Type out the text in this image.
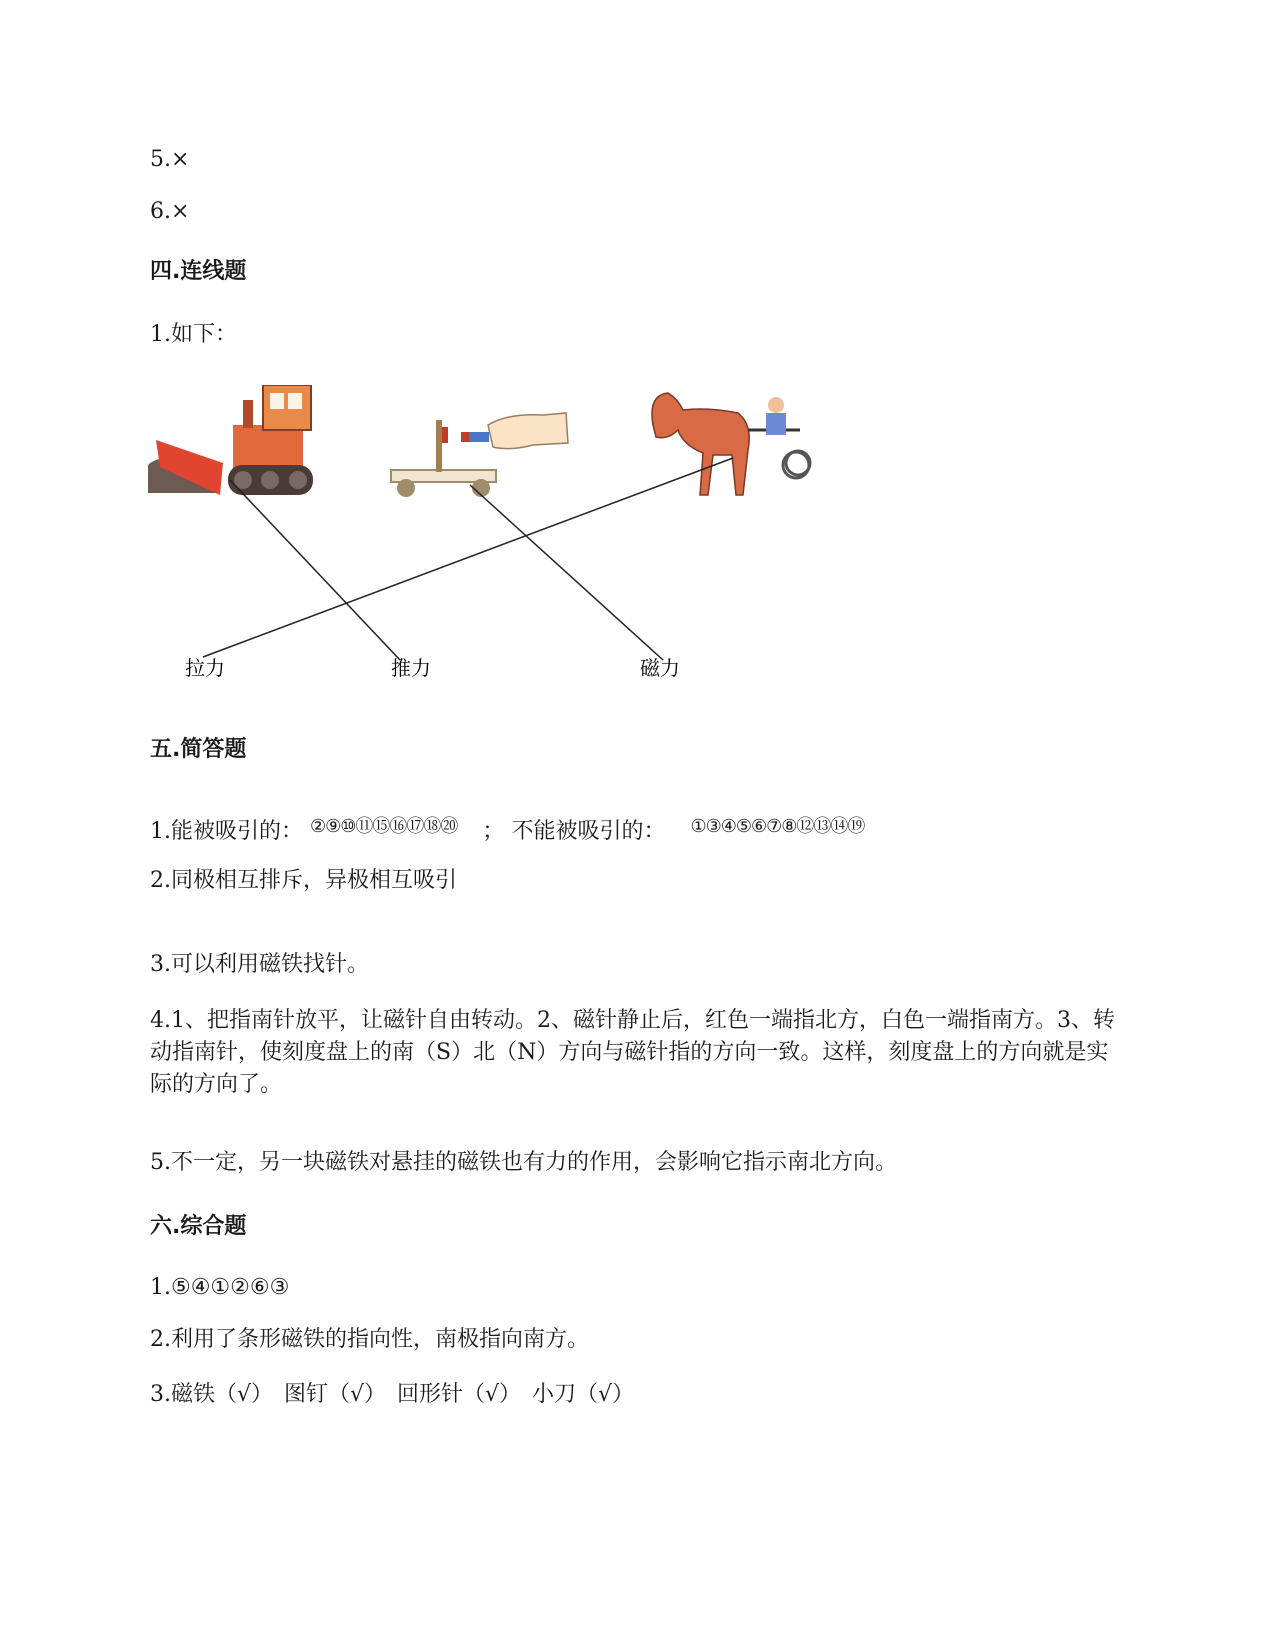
5.×
6.×
四.连线题
1.如下：
拉力	推力	磁力
五.简答题
1.能被吸引的： ②⑨⑩⑪⑮⑯⑰⑱⑳ ； 不能被吸引的： ①③④⑤⑥⑦⑧⑫⑬⑭⑲
2.同极相互排斥，异极相互吸引
3.可以利用磁铁找针。
4.1、把指南针放平，让磁针自由转动。2、磁针静止后，红色一端指北方，白色一端指南方。3、转动指南针，使刻度盘上的南（S）北（N）方向与磁针指的方向一致。这样，刻度盘上的方向就是实际的方向了。
5.不一定，另一块磁铁对悬挂的磁铁也有力的作用，会影响它指示南北方向。
六.综合题
1.⑤④①②⑥③
2.利用了条形磁铁的指向性，南极指向南方。
3.磁铁（√）　图钉（√）　回形针（√）　小刀（√）
